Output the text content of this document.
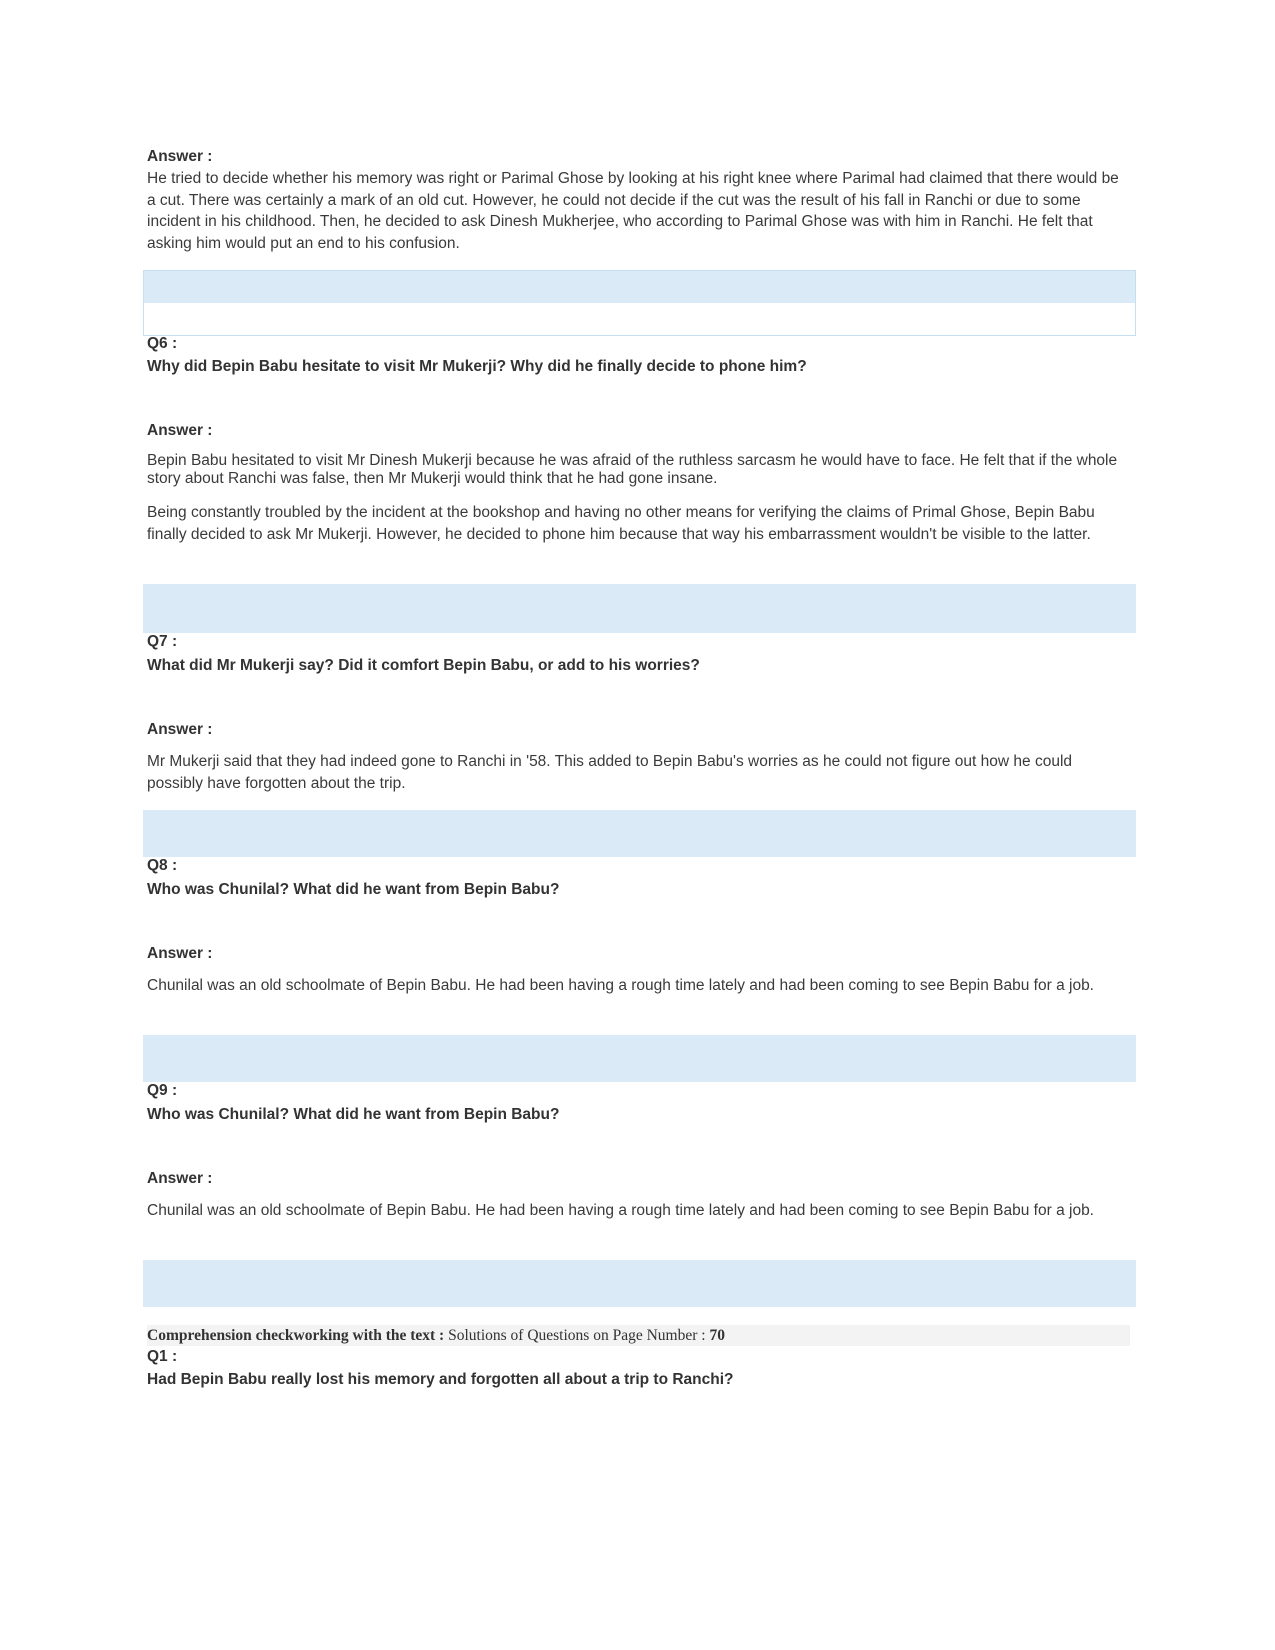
Answer :

He tried to decide whether his memory was right or Parimal Ghose by looking at his right knee where Parimal had claimed that there would be a cut. There was certainly a mark of an old cut. However, he could not decide if the cut was the result of his fall in Ranchi or due to some incident in his childhood. Then, he decided to ask Dinesh Mukherjee, who according to Parimal Ghose was with him in Ranchi. He felt that asking him would put an end to his confusion.

Q6 :
Why did Bepin Babu hesitate to visit Mr Mukerji? Why did he finally decide to phone him?
Answer :

Bepin Babu hesitated to visit Mr Dinesh Mukerji because he was afraid of the ruthless sarcasm he would have to face. He felt that if the whole story about Ranchi was false, then Mr Mukerji would think that he had gone insane.

Being constantly troubled by the incident at the bookshop and having no other means for verifying the claims of Primal Ghose, Bepin Babu finally decided to ask Mr Mukerji. However, he decided to phone him because that way his embarrassment wouldn't be visible to the latter.

Q7 :
What did Mr Mukerji say? Did it comfort Bepin Babu, or add to his worries?
Answer :

Mr Mukerji said that they had indeed gone to Ranchi in '58. This added to Bepin Babu's worries as he could not figure out how he could possibly have forgotten about the trip.

Q8 :
Who was Chunilal? What did he want from Bepin Babu?
Answer :

Chunilal was an old schoolmate of Bepin Babu. He had been having a rough time lately and had been coming to see Bepin Babu for a job.

Q9 :
Who was Chunilal? What did he want from Bepin Babu?
Answer :

Chunilal was an old schoolmate of Bepin Babu. He had been having a rough time lately and had been coming to see Bepin Babu for a job.

Comprehension checkworking with the text : Solutions of Questions on Page Number : 70
Q1 :
Had Bepin Babu really lost his memory and forgotten all about a trip to Ranchi?
